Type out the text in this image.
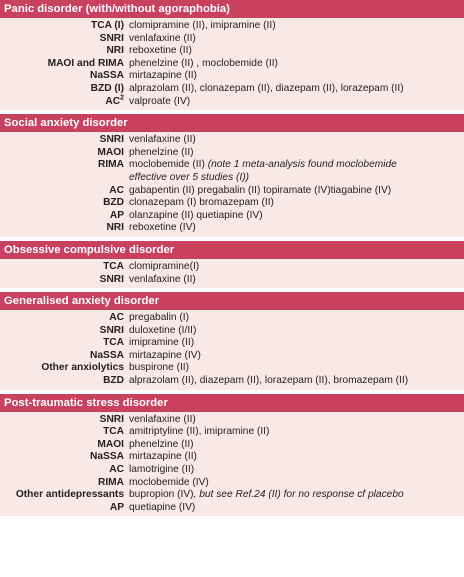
Panic disorder (with/without agoraphobia)
TCA (I) clomipramine (II), imipramine (II)
SNRI venlafaxine (II)
NRI reboxetine (II)
MAOI and RIMA phenelzine (II) , moclobemide (II)
NaSSA mirtazapine (II)
BZD (I) alprazolam (II), clonazepam (II), diazepam (II), lorazepam (II)
$AC^2$ valproate (IV)
Social anxiety disorder
SNRI venlafaxine (II)
MAOI phenelzine (II)
RIMA moclobemide (II) (note 1 meta-analysis found moclobemide
effective over 5 studies (I))
AC gabapentin (II) pregabalin (II) topiramate (IV)tiagabine (IV)
BZD clonazepam (I) bromazepam (II)
AP olanzapine (II) quetiapine (IV)
NRI reboxetine (IV)
Obsessive compulsive disorder
TCA clomipramine(I)
SNRI venlafaxine (II)
Generalised anxiety disorder
AC pregabalin (I)
SNRI duloxetine (I/II)
TCA imipramine (II)
NaSSA mirtazapine (IV)
Other anxiolytics buspirone (II)
BZD alprazolam (II), diazepam (II), lorazepam (II), bromazepam (II)
Post-traumatic stress disorder
SNRI venlafaxine (II)
TCA amitriptyline (II), imipramine (II)
MAOI phenelzine (II)
NaSSA mirtazapine (II)
AC lamotrigine (II)
RIMA moclobemide (IV)
Other antidepressants bupropion (IV), but see Ref.24 (II) for no response cf placebo
AP quetiapine (IV)
